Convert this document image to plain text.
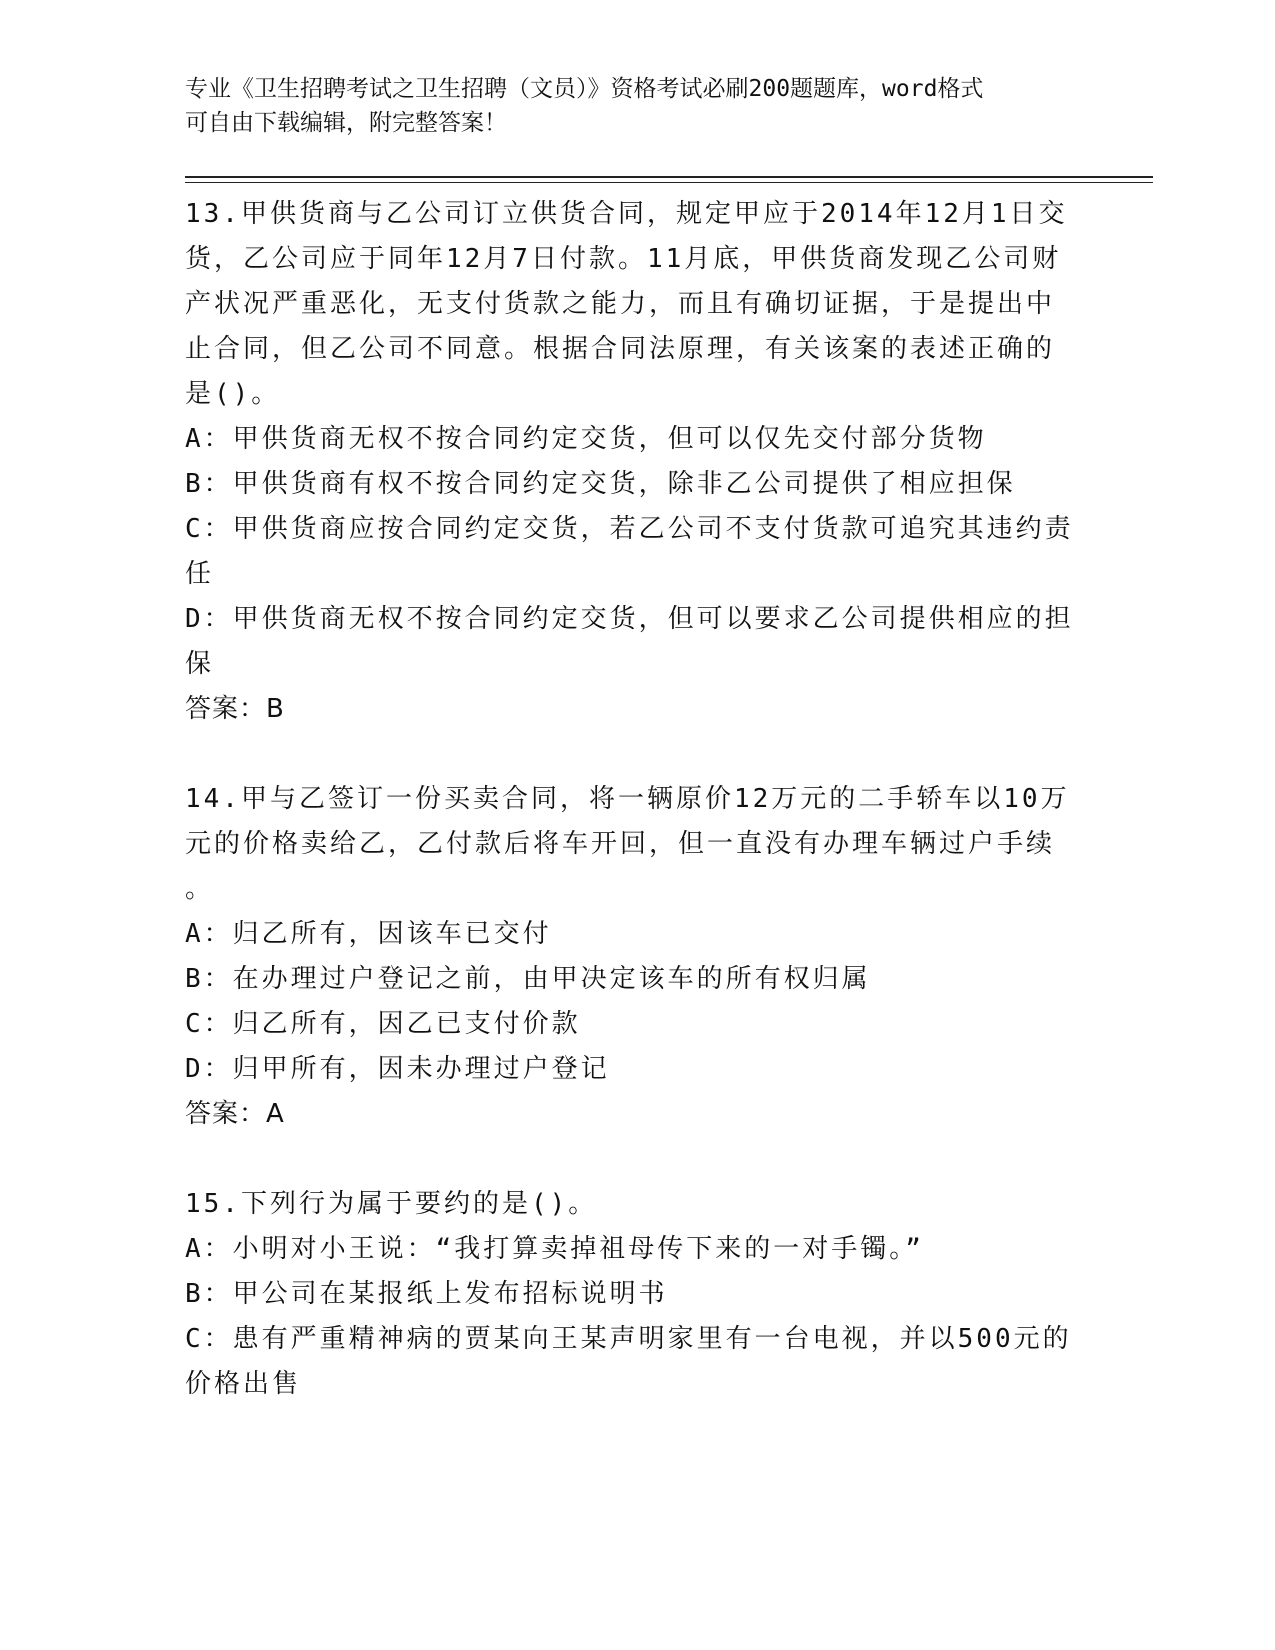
专业《卫生招聘考试之卫生招聘（文员）》资格考试必刷200题题库，word格式
可自由下载编辑，附完整答案！

13.甲供货商与乙公司订立供货合同，规定甲应于2014年12月1日交

货，乙公司应于同年12月7日付款。11月底，甲供货商发现乙公司财

产状况严重恶化，无支付货款之能力，而且有确切证据，于是提出中

止合同，但乙公司不同意。根据合同法原理，有关该案的表述正确的

是()。

A：甲供货商无权不按合同约定交货，但可以仅先交付部分货物

B：甲供货商有权不按合同约定交货，除非乙公司提供了相应担保

C：甲供货商应按合同约定交货，若乙公司不支付货款可追究其违约责

任

D：甲供货商无权不按合同约定交货，但可以要求乙公司提供相应的担

保

答案：B

14.甲与乙签订一份买卖合同，将一辆原价12万元的二手轿车以10万

元的价格卖给乙，乙付款后将车开回，但一直没有办理车辆过户手续

。

A：归乙所有，因该车已交付

B：在办理过户登记之前，由甲决定该车的所有权归属

C：归乙所有，因乙已支付价款

D：归甲所有，因未办理过户登记

答案：A

15.下列行为属于要约的是()。

A：小明对小王说：“我打算卖掉祖母传下来的一对手镯。”

B：甲公司在某报纸上发布招标说明书

C：患有严重精神病的贾某向王某声明家里有一台电视，并以500元的

价格出售
